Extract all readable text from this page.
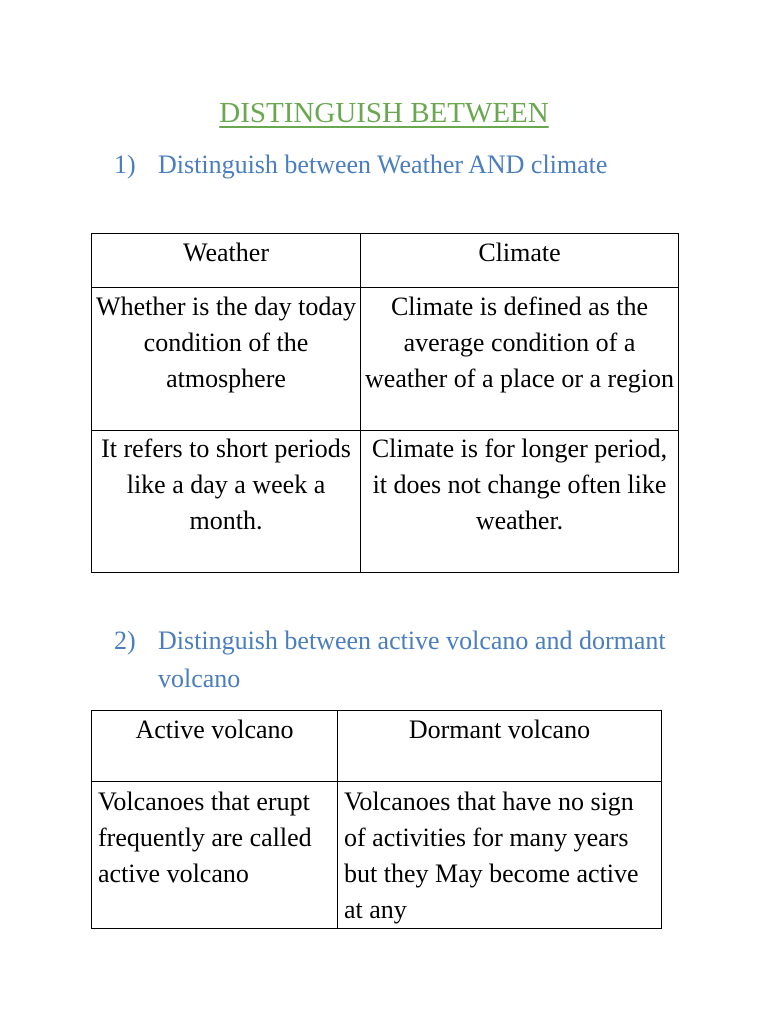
DISTINGUISH BETWEEN
1) Distinguish between Weather AND climate
Weather	Climate
Whether is the day today condition of the atmosphere	Climate is defined as the average condition of a weather of a place or a region
It refers to short periods like a day a week a month.	Climate is for longer period, it does not change often like weather.
2) Distinguish between active volcano and dormant volcano
Active volcano	Dormant volcano
Volcanoes that erupt frequently are called active volcano	Volcanoes that have no sign of activities for many years but they May become active at any
